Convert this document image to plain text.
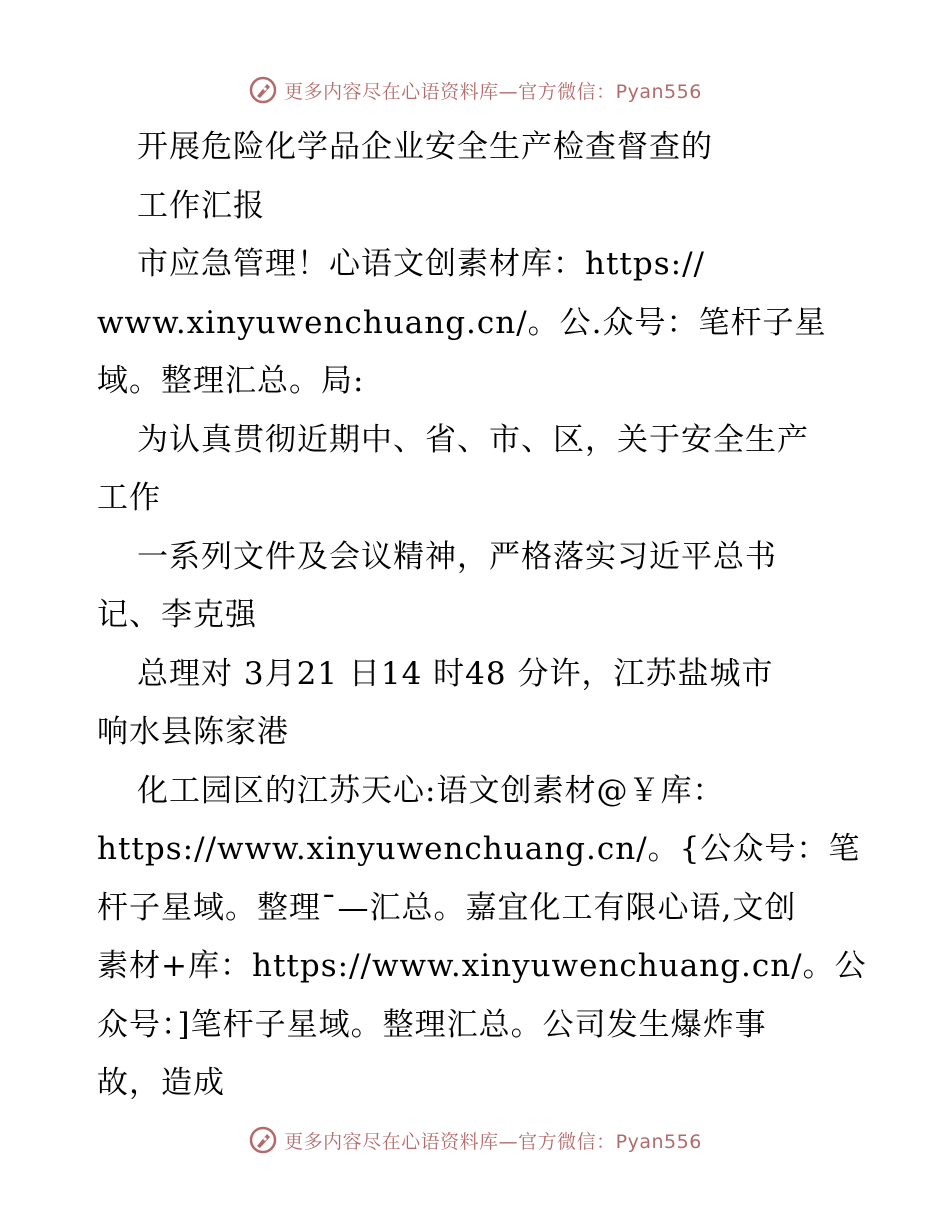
更多内容尽在心语资料库—官方微信：Pyan556
开展危险化学品企业安全生产检查督查的
工作汇报
市应急管理！心语文创素材库：https://
www.xinyuwenchuang.cn/。公.众号：笔杆子星
域。整理汇总。局:
为认真贯彻近期中、省、市、区，关于安全生产
工作
一系列文件及会议精神，严格落实习近平总书
记、李克强
总理对 3月21 日14 时48 分许，江苏盐城市
响水县陈家港
化工园区的江苏天心:语文创素材@￥库：
https://www.xinyuwenchuang.cn/。{公众号：笔
杆子星域。整理¯—汇总。嘉宜化工有限心语,文创
素材+库：https://www.xinyuwenchuang.cn/。公
众号：]笔杆子星域。整理汇总。公司发生爆炸事
故，造成
更多内容尽在心语资料库—官方微信：Pyan556
